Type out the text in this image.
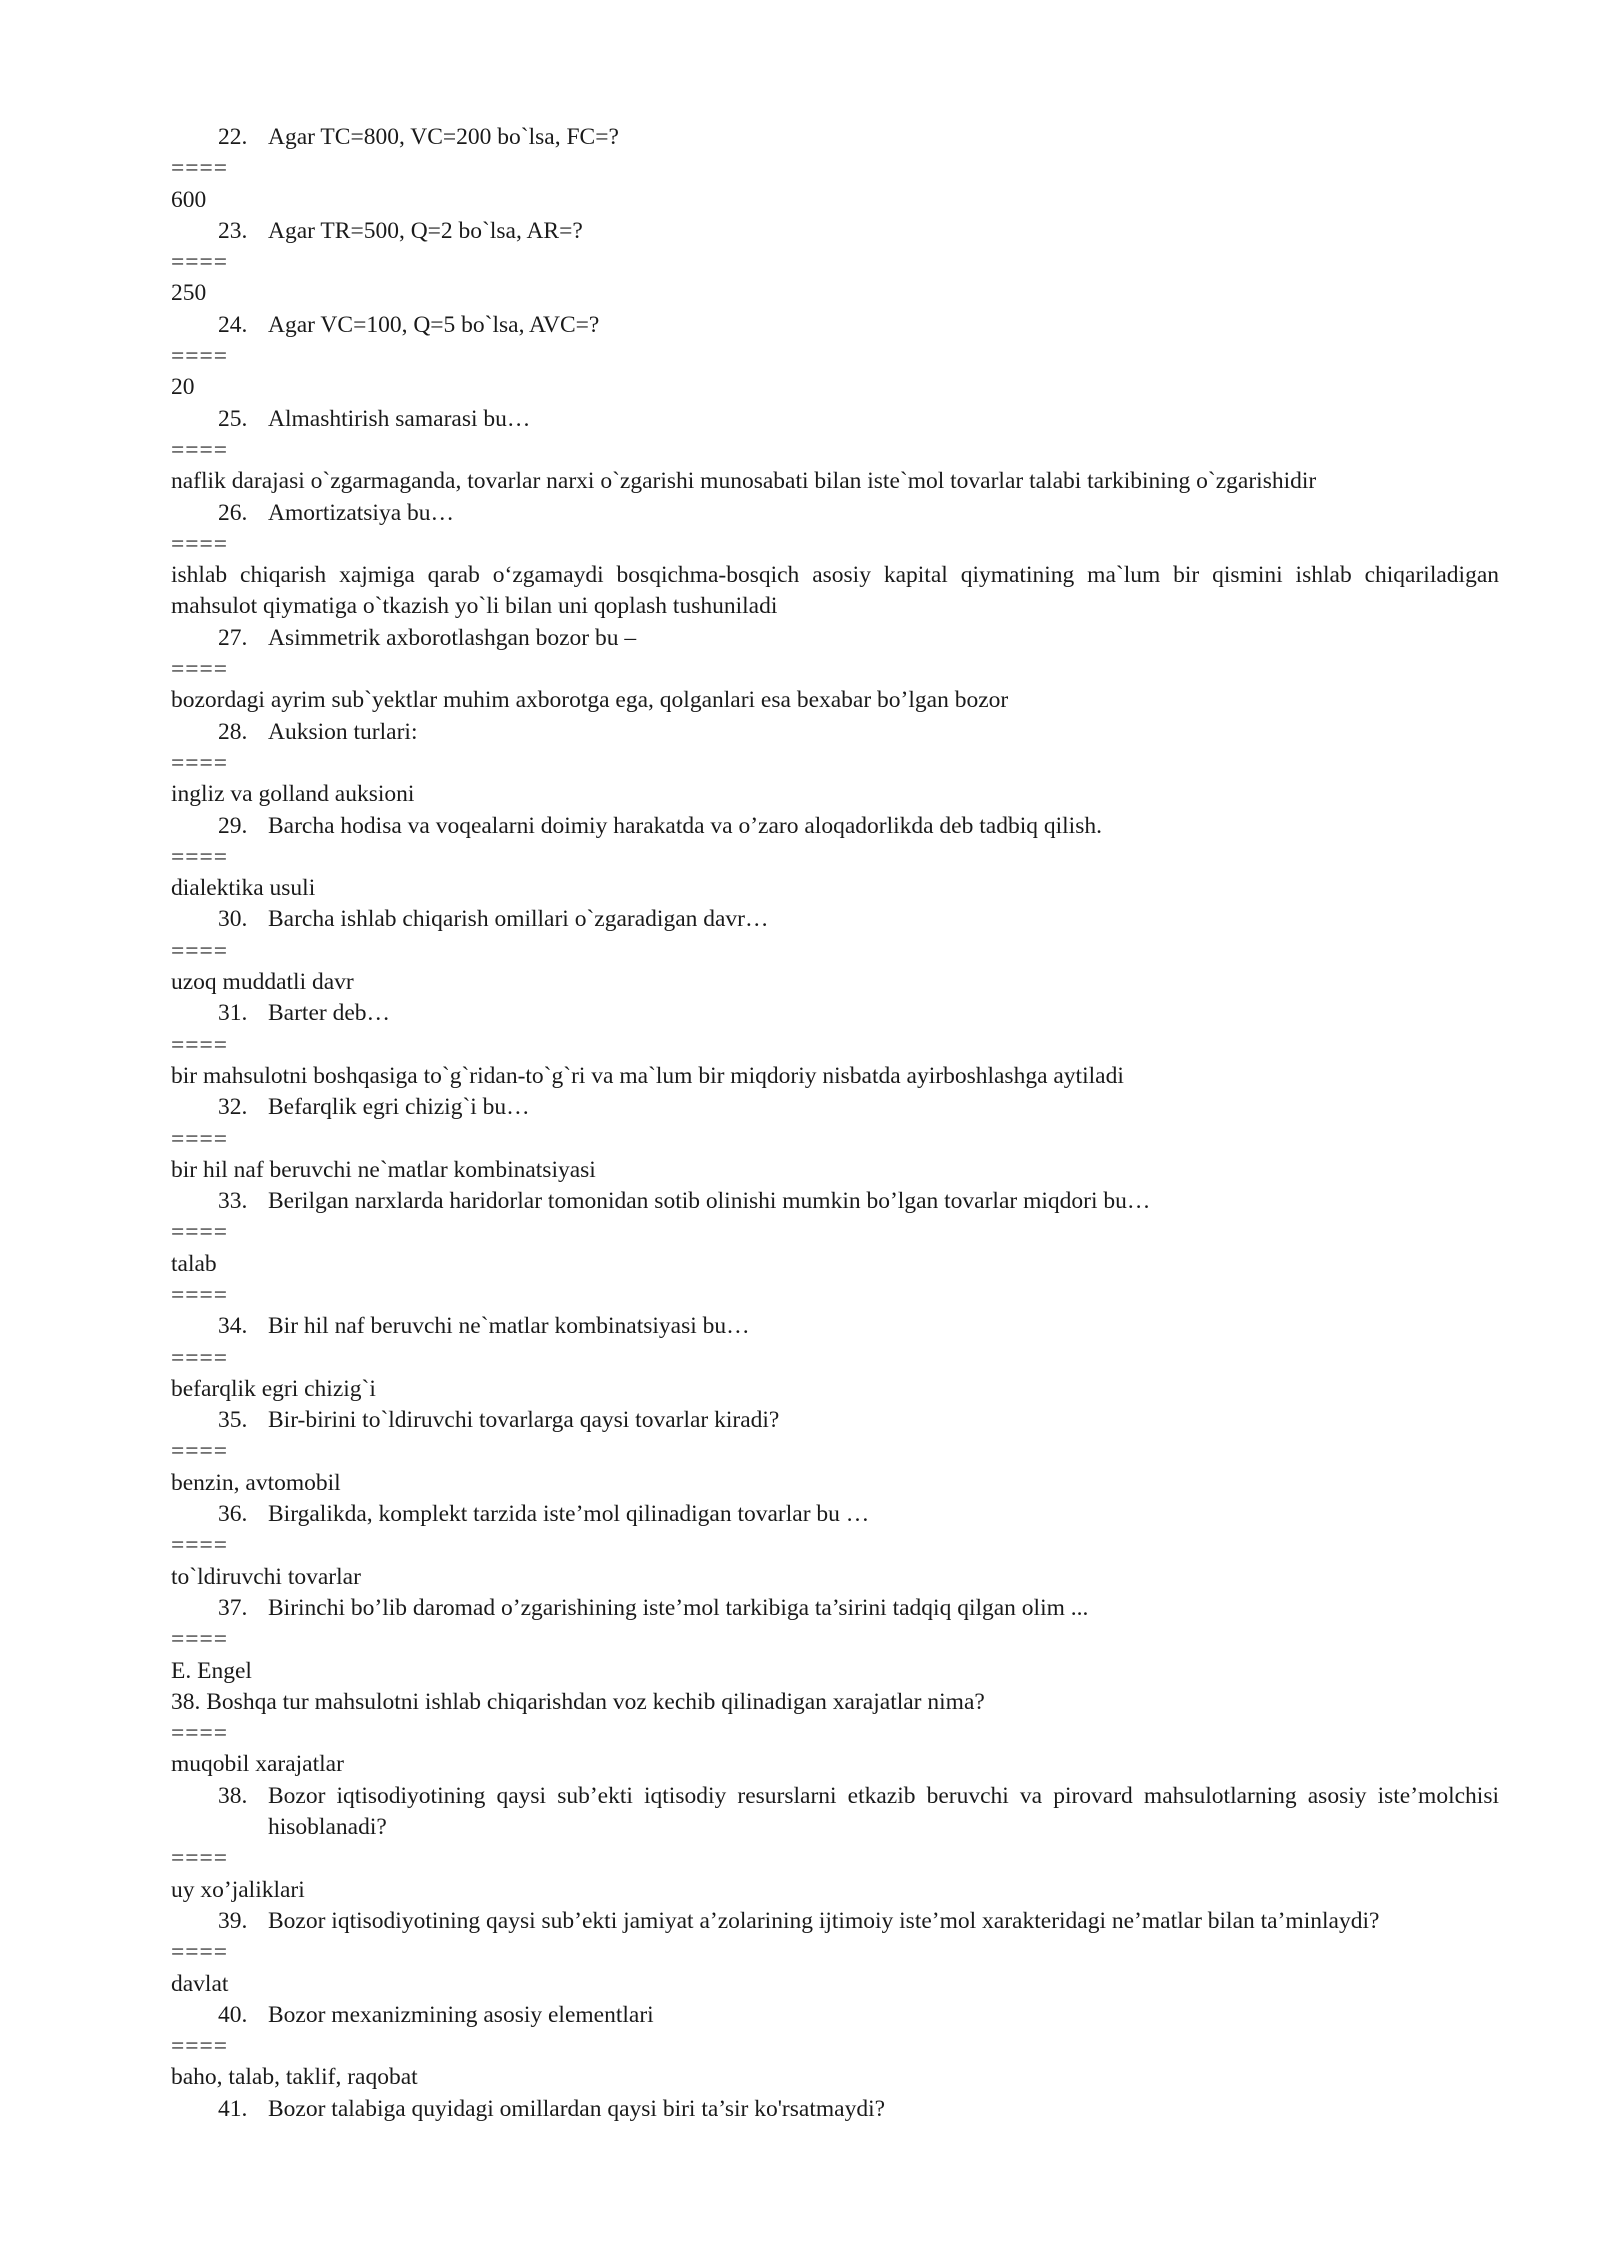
22. Agar TC=800, VC=200 bo`lsa, FC=?
====
600
23. Agar TR=500, Q=2 bo`lsa, AR=?
====
250
24. Agar VC=100, Q=5 bo`lsa, AVC=?
====
20
25. Almashtirish samarasi bu…
====
naflik darajasi o`zgarmaganda, tovarlar narxi o`zgarishi munosabati bilan iste`mol tovarlar talabi tarkibining o`zgarishidir
26. Amortizatsiya bu…
====
ishlab chiqarish xajmiga qarab o‘zgamaydi bosqichma-bosqich asosiy kapital qiymatining ma`lum bir qismini ishlab chiqariladigan mahsulot qiymatiga o`tkazish yo`li bilan uni qoplash tushuniladi
27. Asimmetrik axborotlashgan bozor bu –
====
bozordagi ayrim sub`yektlar muhim axborotga ega, qolganlari esa bexabar bo’lgan bozor
28. Auksion turlari:
====
ingliz va golland auksioni
29. Barcha hodisa va voqealarni doimiy harakatda va o’zaro aloqadorlikda deb tadbiq qilish.
====
dialektika usuli
30. Barcha ishlab chiqarish omillari o`zgaradigan davr…
====
uzoq muddatli davr
31. Barter deb…
====
bir mahsulotni boshqasiga to`g`ridan-to`g`ri va ma`lum bir miqdoriy nisbatda ayirboshlashga aytiladi
32. Befarqlik egri chizig`i bu…
====
bir hil naf beruvchi ne`matlar kombinatsiyasi
33. Berilgan narxlarda haridorlar tomonidan sotib olinishi mumkin bo’lgan tovarlar miqdori bu…
====
talab
====
34. Bir hil naf beruvchi ne`matlar kombinatsiyasi bu…
====
befarqlik egri chizig`i
35. Bir-birini to`ldiruvchi tovarlarga qaysi tovarlar kiradi?
====
benzin, avtomobil
36. Birgalikda, komplekt tarzida iste’mol qilinadigan tovarlar bu …
====
to`ldiruvchi tovarlar
37. Birinchi bo’lib daromad o’zgarishining iste’mol tarkibiga ta’sirini tadqiq qilgan olim ...
====
E. Engel
38. Boshqa tur mahsulotni ishlab chiqarishdan voz kechib qilinadigan xarajatlar nima?
====
muqobil xarajatlar
38. Bozor iqtisodiyotining qaysi sub’ekti iqtisodiy resurslarni etkazib beruvchi va pirovard mahsulotlarning asosiy iste’molchisi hisoblanadi?
====
uy xo’jaliklari
39. Bozor iqtisodiyotining qaysi sub’ekti jamiyat a’zolarining ijtimoiy iste’mol xarakteridagi ne’matlar bilan ta’minlaydi?
====
davlat
40. Bozor mexanizmining asosiy elementlari
====
baho, talab, taklif, raqobat
41. Bozor talabiga quyidagi omillardan qaysi biri ta’sir ko'rsatmaydi?
